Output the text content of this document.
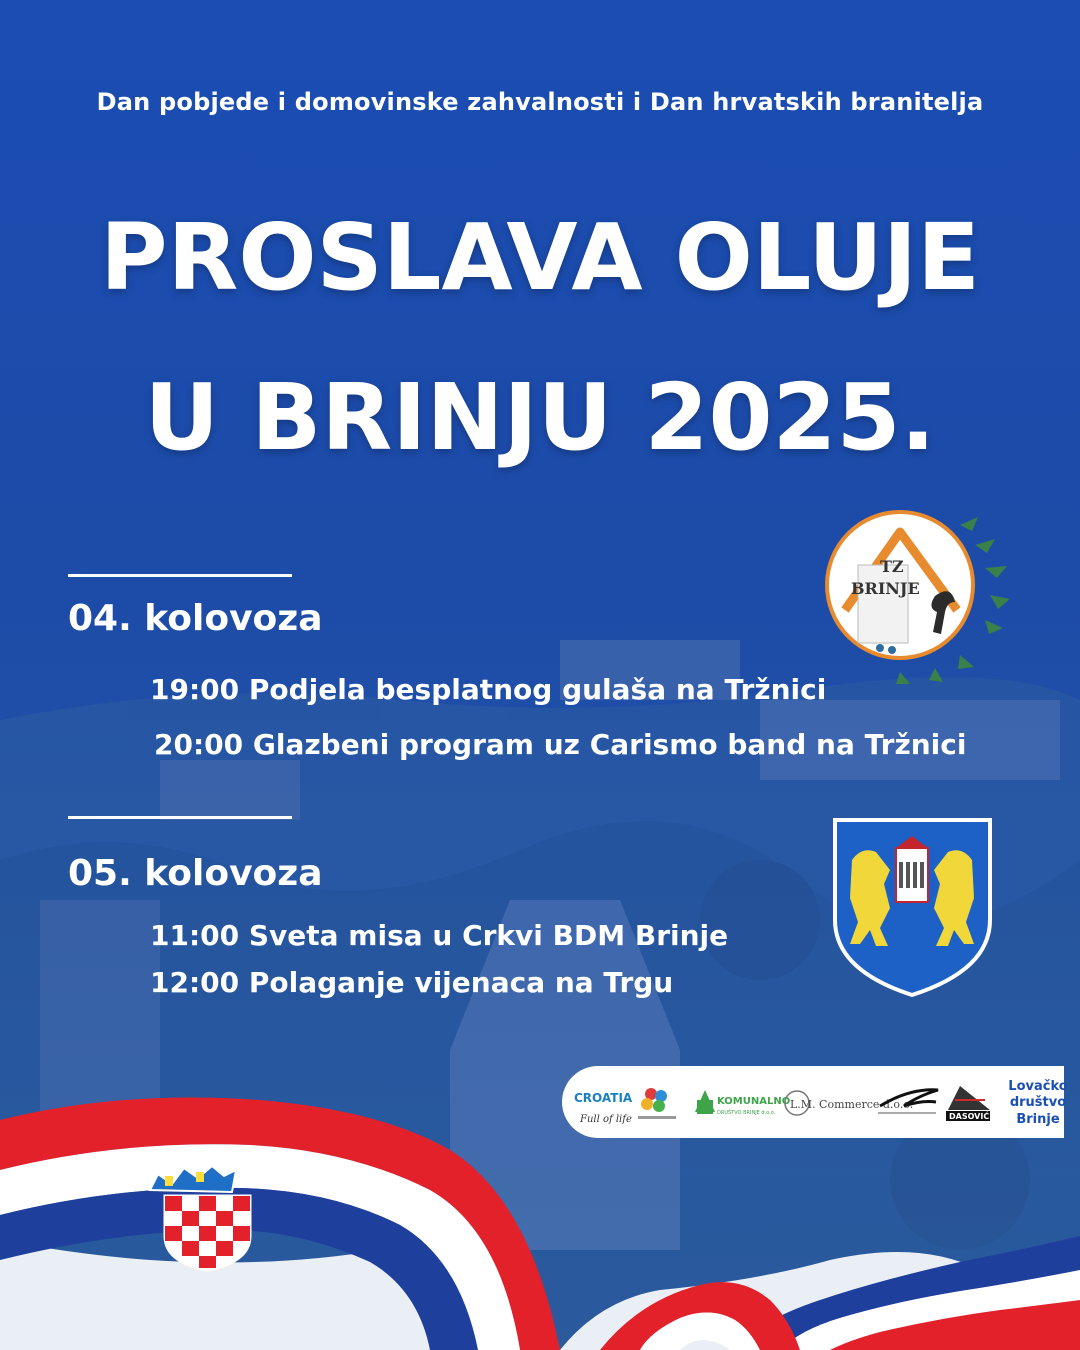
Dan pobjede i domovinske zahvalnosti i Dan hrvatskih branitelja
PROSLAVA OLUJE
U BRINJU 2025.
04. kolovoza
19:00 Podjela besplatnog gulaša na Tržnici
20:00 Glazbeni program uz Carismo band na Tržnici
05. kolovoza
11:00 Sveta misa u Crkvi BDM Brinje
12:00 Polaganje vijenaca na Trgu
TZ
BRINJE
CROATIA
Full of life
KOMUNALNO
DRUŠTVO BRINJE d.o.o.
L.M. Commerce d.o.o.
DASOVIĆ
Lovačko
društvo
Brinje
